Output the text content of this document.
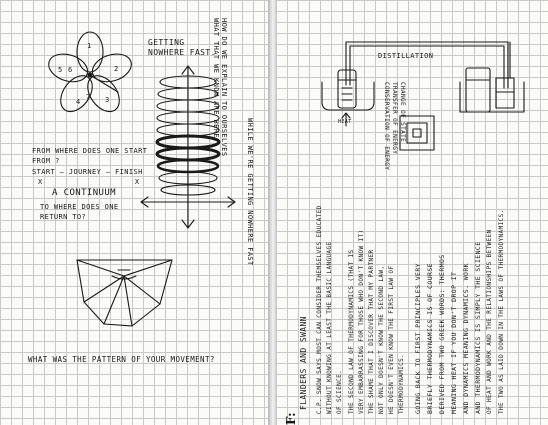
1
2
3
4
5 6
7	HOW DO WE EXPLAIN TO OURSELVES
WHAT THAT WE KNOW ARE HERE?
WHILE WE'RE GETTING NOWHERE FAST
GETTING NOWHERE FAST.
FROM WHERE DOES ONE START
FROM ?
START — JOURNEY — FINISH
X                    X
A CONTINUUM
TO WHERE DOES ONE
RETURN TO?
WHAT WAS THE PATTERN OF YOUR MOVEMENT?
DISTILLATION
HEAT	CHANGE OF STATE
TRANSFER OF ENERGY
CONSERVATION OF ENERGY
F:
FLANDERS AND SWANN C.P. SNOW SAYS MOST CAN CONSIDER THEMSELVES EDUCATED WITHOUT KNOWING AT LEAST THE BASIC LANGUAGE OF SCIENCE. THE SECOND LAW OF THERMODYNAMICS (THAT IS VERY EMBARRASSING FOR THOSE WHO DON'T KNOW IT) THE SHAME THAT I DISCOVER THAT MY PARTNER NOT ONLY DOESN'T KNOW THE SECOND LAW, HE DOESN'T EVEN KNOW THE FIRST LAW OF THERMODYNAMICS. GOING BACK TO FIRST PRINCIPLES VERY BRIEFLY THERMODYNAMICS IS OF COURSE DERIVED FROM TWO GREEK WORDS: THERMOS MEANING HEAT IF YOU DON'T DROP IT AND DYNAMICS MEANING DYNAMICS. WORK AND THERMODYNAMICS IS SIMPLY THE SCIENCE OF HEAT AND WORK AND THE RELATIONSHIPS BETWEEN THE TWO AS LAID DOWN IN THE LAWS OF THERMODYNAMICS.
